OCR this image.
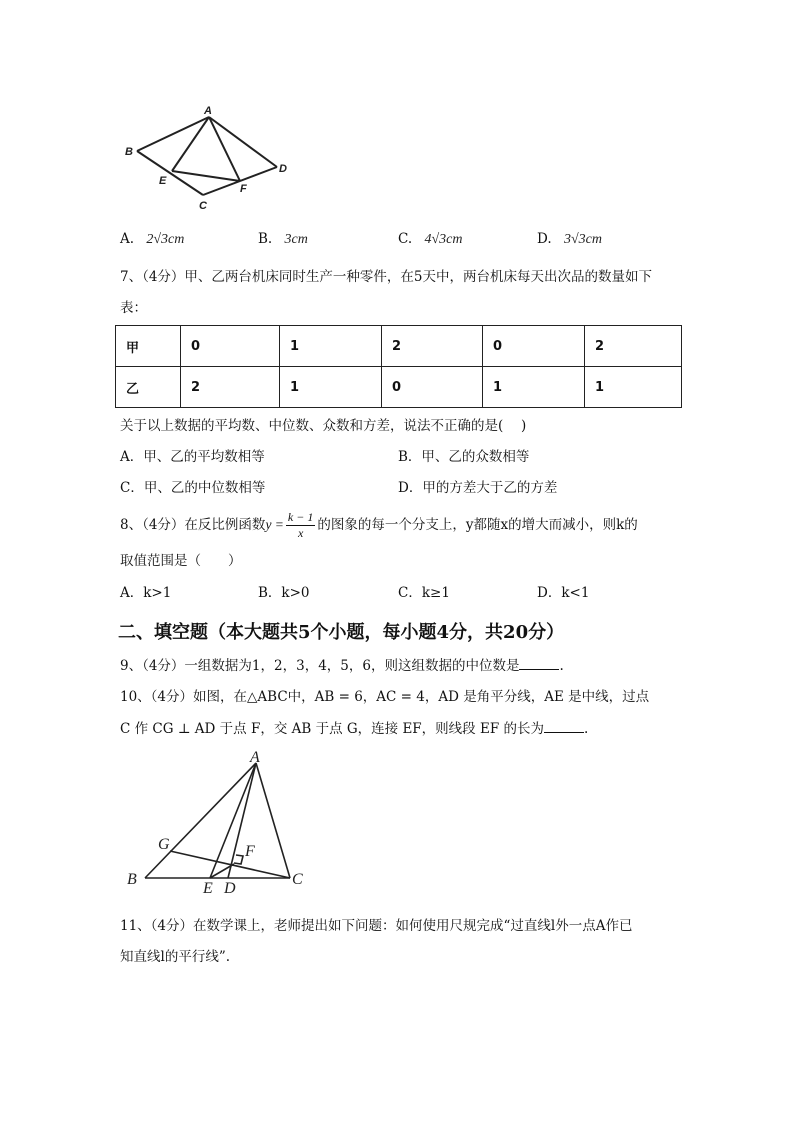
A
B
E
F
D
C
A. 2√3cm	B. 3cm	C. 4√3cm	D. 3√3cm
7、（4分）甲、乙两台机床同时生产一种零件，在5天中，两台机床每天出次品的数量如下
表：
甲	0	1	2	0	2
乙	2	1	0	1	1
关于以上数据的平均数、中位数、众数和方差，说法不正确的是(　 )
A．甲、乙的平均数相等	B．甲、乙的众数相等
C．甲、乙的中位数相等	D．甲的方差大于乙的方差
8、（4分）在反比例函数$y = \frac{k - 1}{x}$ 的图象的每一个分支上，y都随x的增大而减小，则k的
取值范围是（　　）
A．k>1	B．k>0	C．k≥1	D．k<1
二、填空题（本大题共5个小题，每小题4分，共20分）
9、（4分）一组数据为1，2，3，4，5，6，则这组数据的中位数是	.
10、（4分）如图，在△ABC中，AB = 6，AC = 4，AD 是角平分线，AE 是中线，过点
C 作 CG ⊥ AD 于点 F，交 AB 于点 G，连接 EF，则线段 EF 的长为	.
A
G	F
B
E D
C
11、（4分）在数学课上，老师提出如下问题：如何使用尺规完成“过直线l外一点A作已
知直线l的平行线”.
